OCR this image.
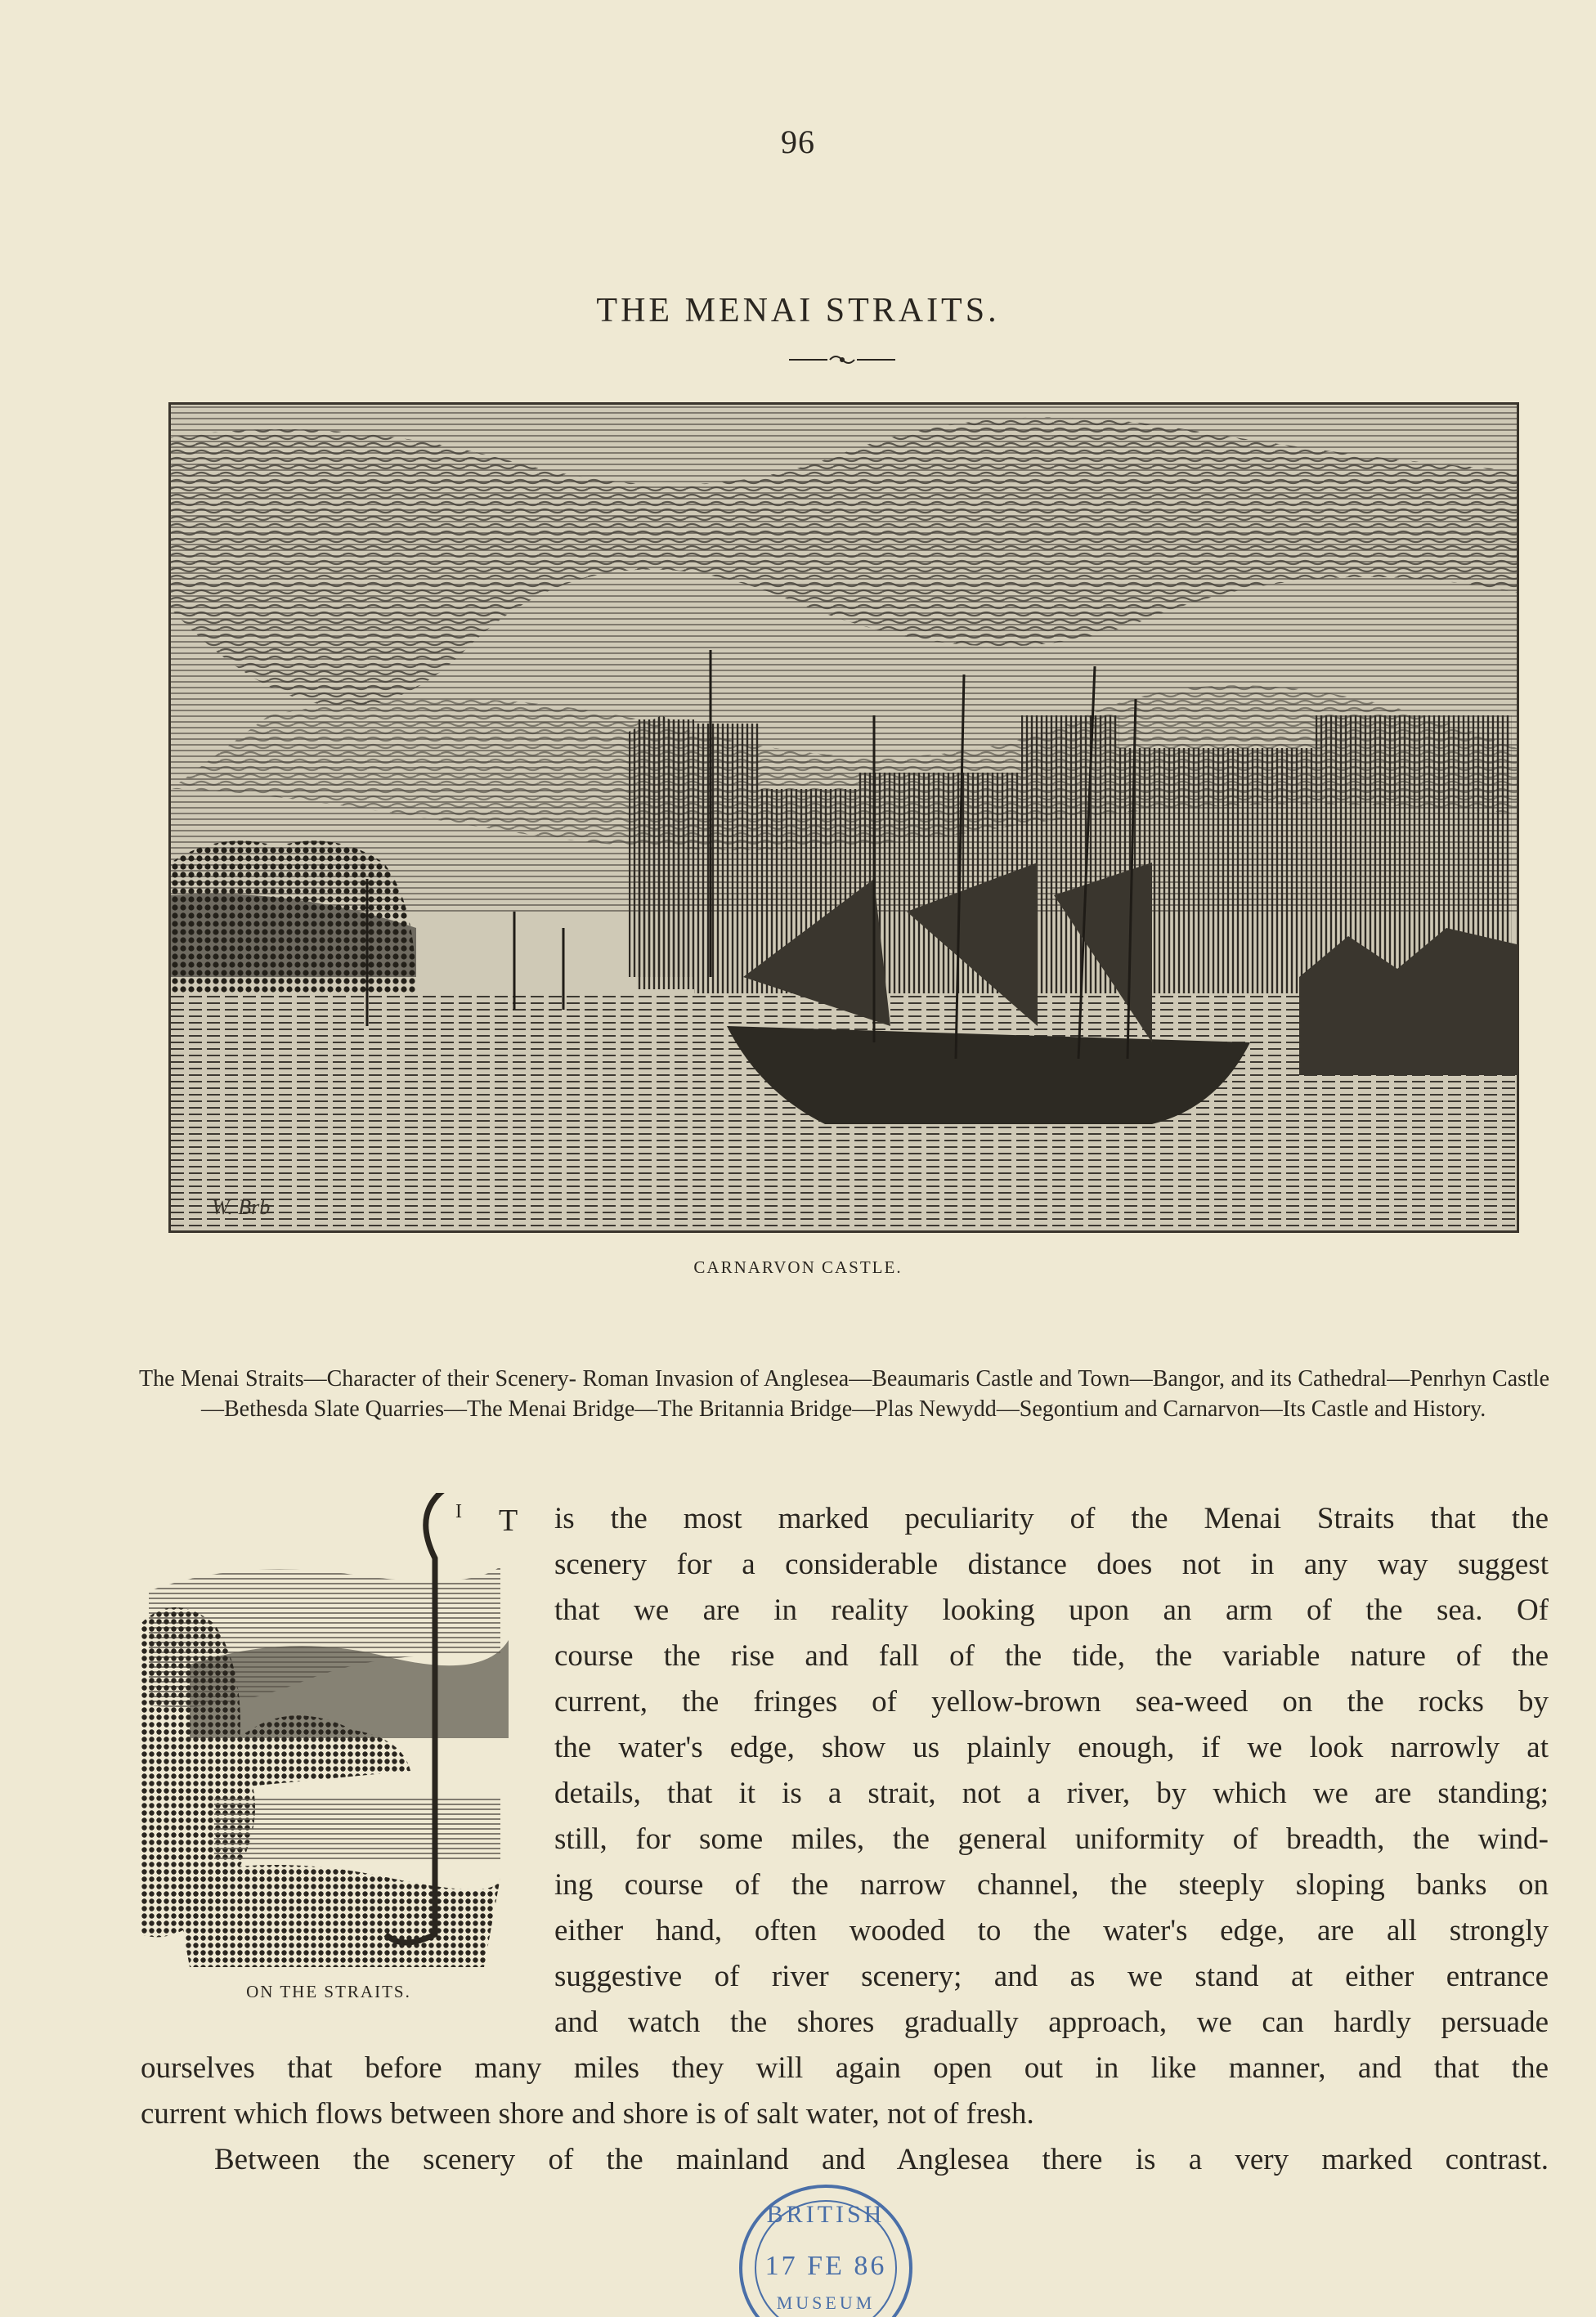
96
THE MENAI STRAITS.
W. Brb
CARNARVON CASTLE.

The Menai Straits—Character of their Scenery- Roman Invasion of Anglesea—Beaumaris Castle and Town—Bangor, and its Cathedral—Penrhyn Castle—Bethesda Slate Quarries—The Menai Bridge—The Britannia Bridge—Plas Newydd—Segontium and Carnarvon—Its Castle and History.

I
ON THE STRAITS.
T is the most marked peculiarity of the Menai Straits that the
scenery for a considerable distance does not in any way suggest
that we are in reality looking upon an arm of the sea. Of
course the rise and fall of the tide, the variable nature of the
current, the fringes of yellow-brown sea-weed on the rocks by
the water's edge, show us plainly enough, if we look narrowly at
details, that it is a strait, not a river, by which we are standing;
still, for some miles, the general uniformity of breadth, the wind-
ing course of the narrow channel, the steeply sloping banks on
either hand, often wooded to the water's edge, are all strongly
suggestive of river scenery; and as we stand at either entrance
and watch the shores gradually approach, we can hardly persuade
ourselves that before many miles they will again open out in like manner, and that the
current which flows between shore and shore is of salt water, not of fresh.
Between the scenery of the mainland and Anglesea there is a very marked contrast.
BRITISH
17 FE 86
MUSEUM
